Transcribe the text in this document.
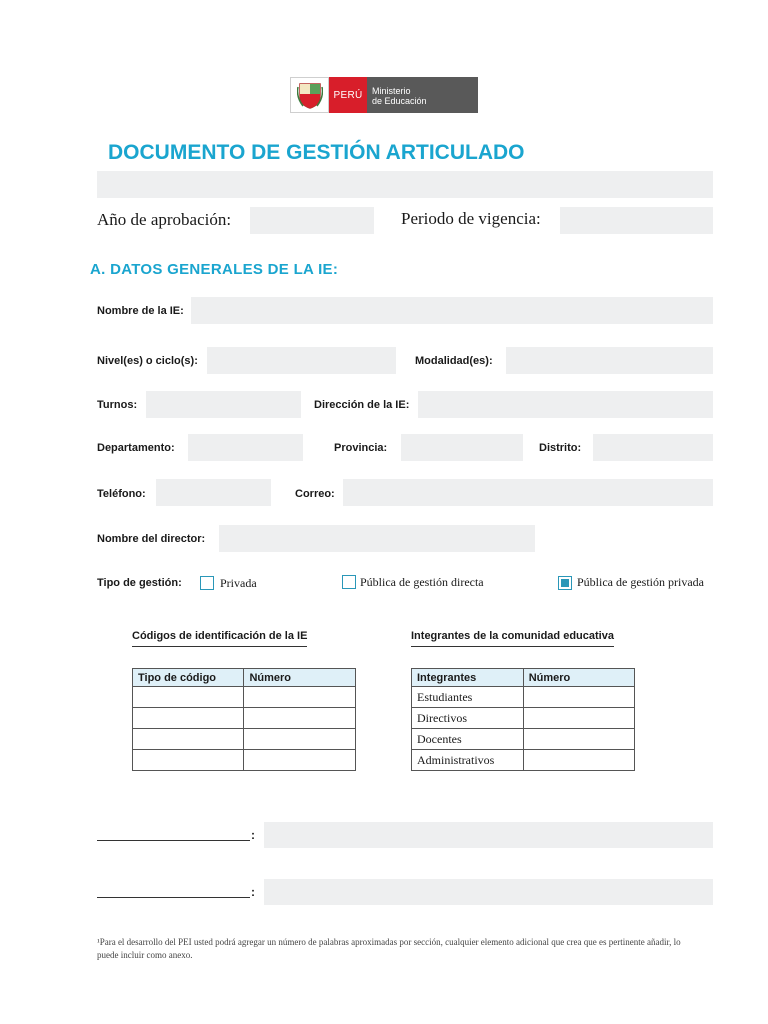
PERÚ	Ministerio
de Educación
DOCUMENTO DE GESTIÓN ARTICULADO
Año de aprobación:	Periodo de vigencia:
A. DATOS GENERALES DE LA IE:
Nombre de la IE:
Nivel(es) o ciclo(s):	Modalidad(es):
Turnos:	Dirección de la IE:
Departamento:	Provincia:	Distrito:
Teléfono:	Correo:
Nombre del director:
Tipo de gestión:	Privada	Pública de gestión directa	Pública de gestión privada
Códigos de identificación de la IE	Integrantes de la comunidad educativa
Tipo de código	Número

		Integrantes	Número
Estudiantes	
Directivos	
Docentes	
Administrativos	
:
:
¹Para el desarrollo del PEI usted podrá agregar un número de palabras aproximadas por sección, cualquier elemento adicional que crea que es pertinente añadir, lo puede incluir como anexo.
